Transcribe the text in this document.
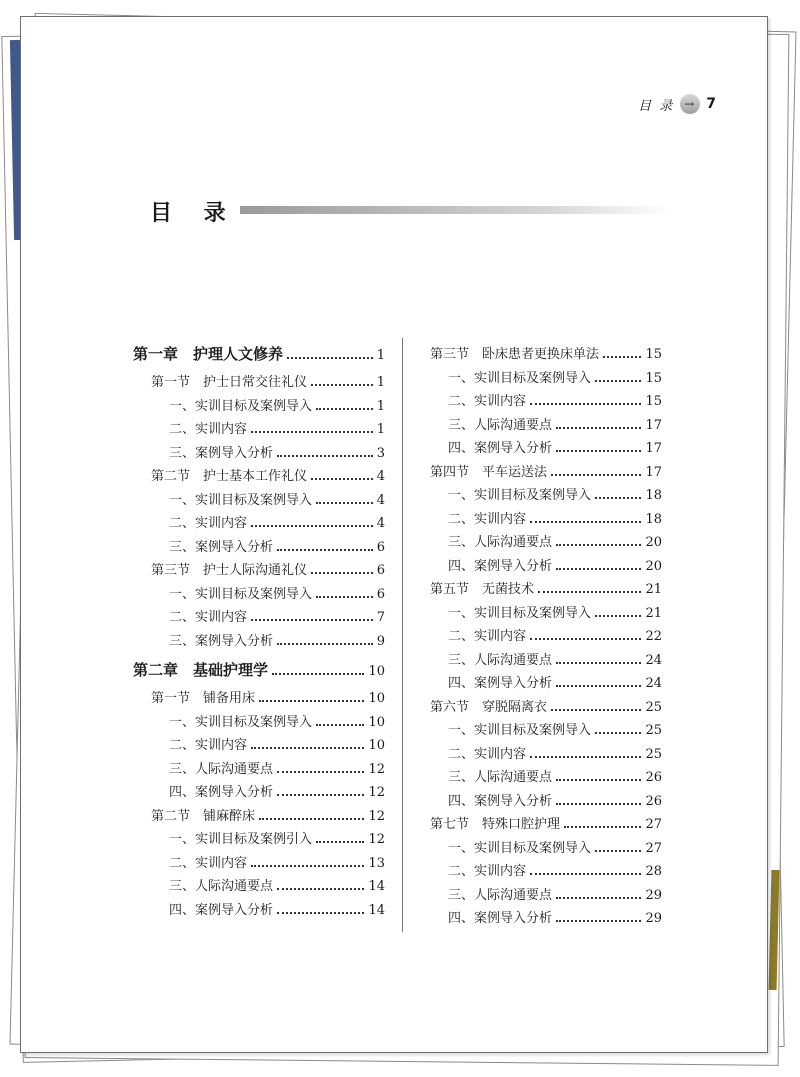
目 录 → 7
目 录
第一章　护理人文修养	1
第一节　护士日常交往礼仪	1
一、实训目标及案例导入	1
二、实训内容	1
三、案例导入分析	3
第二节　护士基本工作礼仪	4
一、实训目标及案例导入	4
二、实训内容	4
三、案例导入分析	6
第三节　护士人际沟通礼仪	6
一、实训目标及案例导入	6
二、实训内容	7
三、案例导入分析	9
第二章　基础护理学	10
第一节　铺备用床	10
一、实训目标及案例导入	10
二、实训内容	10
三、人际沟通要点	12
四、案例导入分析	12
第二节　铺麻醉床	12
一、实训目标及案例引入	12
二、实训内容	13
三、人际沟通要点	14
四、案例导入分析	14
第三节　卧床患者更换床单法	15
一、实训目标及案例导入	15
二、实训内容	15
三、人际沟通要点	17
四、案例导入分析	17
第四节　平车运送法	17
一、实训目标及案例导入	18
二、实训内容	18
三、人际沟通要点	20
四、案例导入分析	20
第五节　无菌技术	21
一、实训目标及案例导入	21
二、实训内容	22
三、人际沟通要点	24
四、案例导入分析	24
第六节　穿脱隔离衣	25
一、实训目标及案例导入	25
二、实训内容	25
三、人际沟通要点	26
四、案例导入分析	26
第七节　特殊口腔护理	27
一、实训目标及案例导入	27
二、实训内容	28
三、人际沟通要点	29
四、案例导入分析	29
